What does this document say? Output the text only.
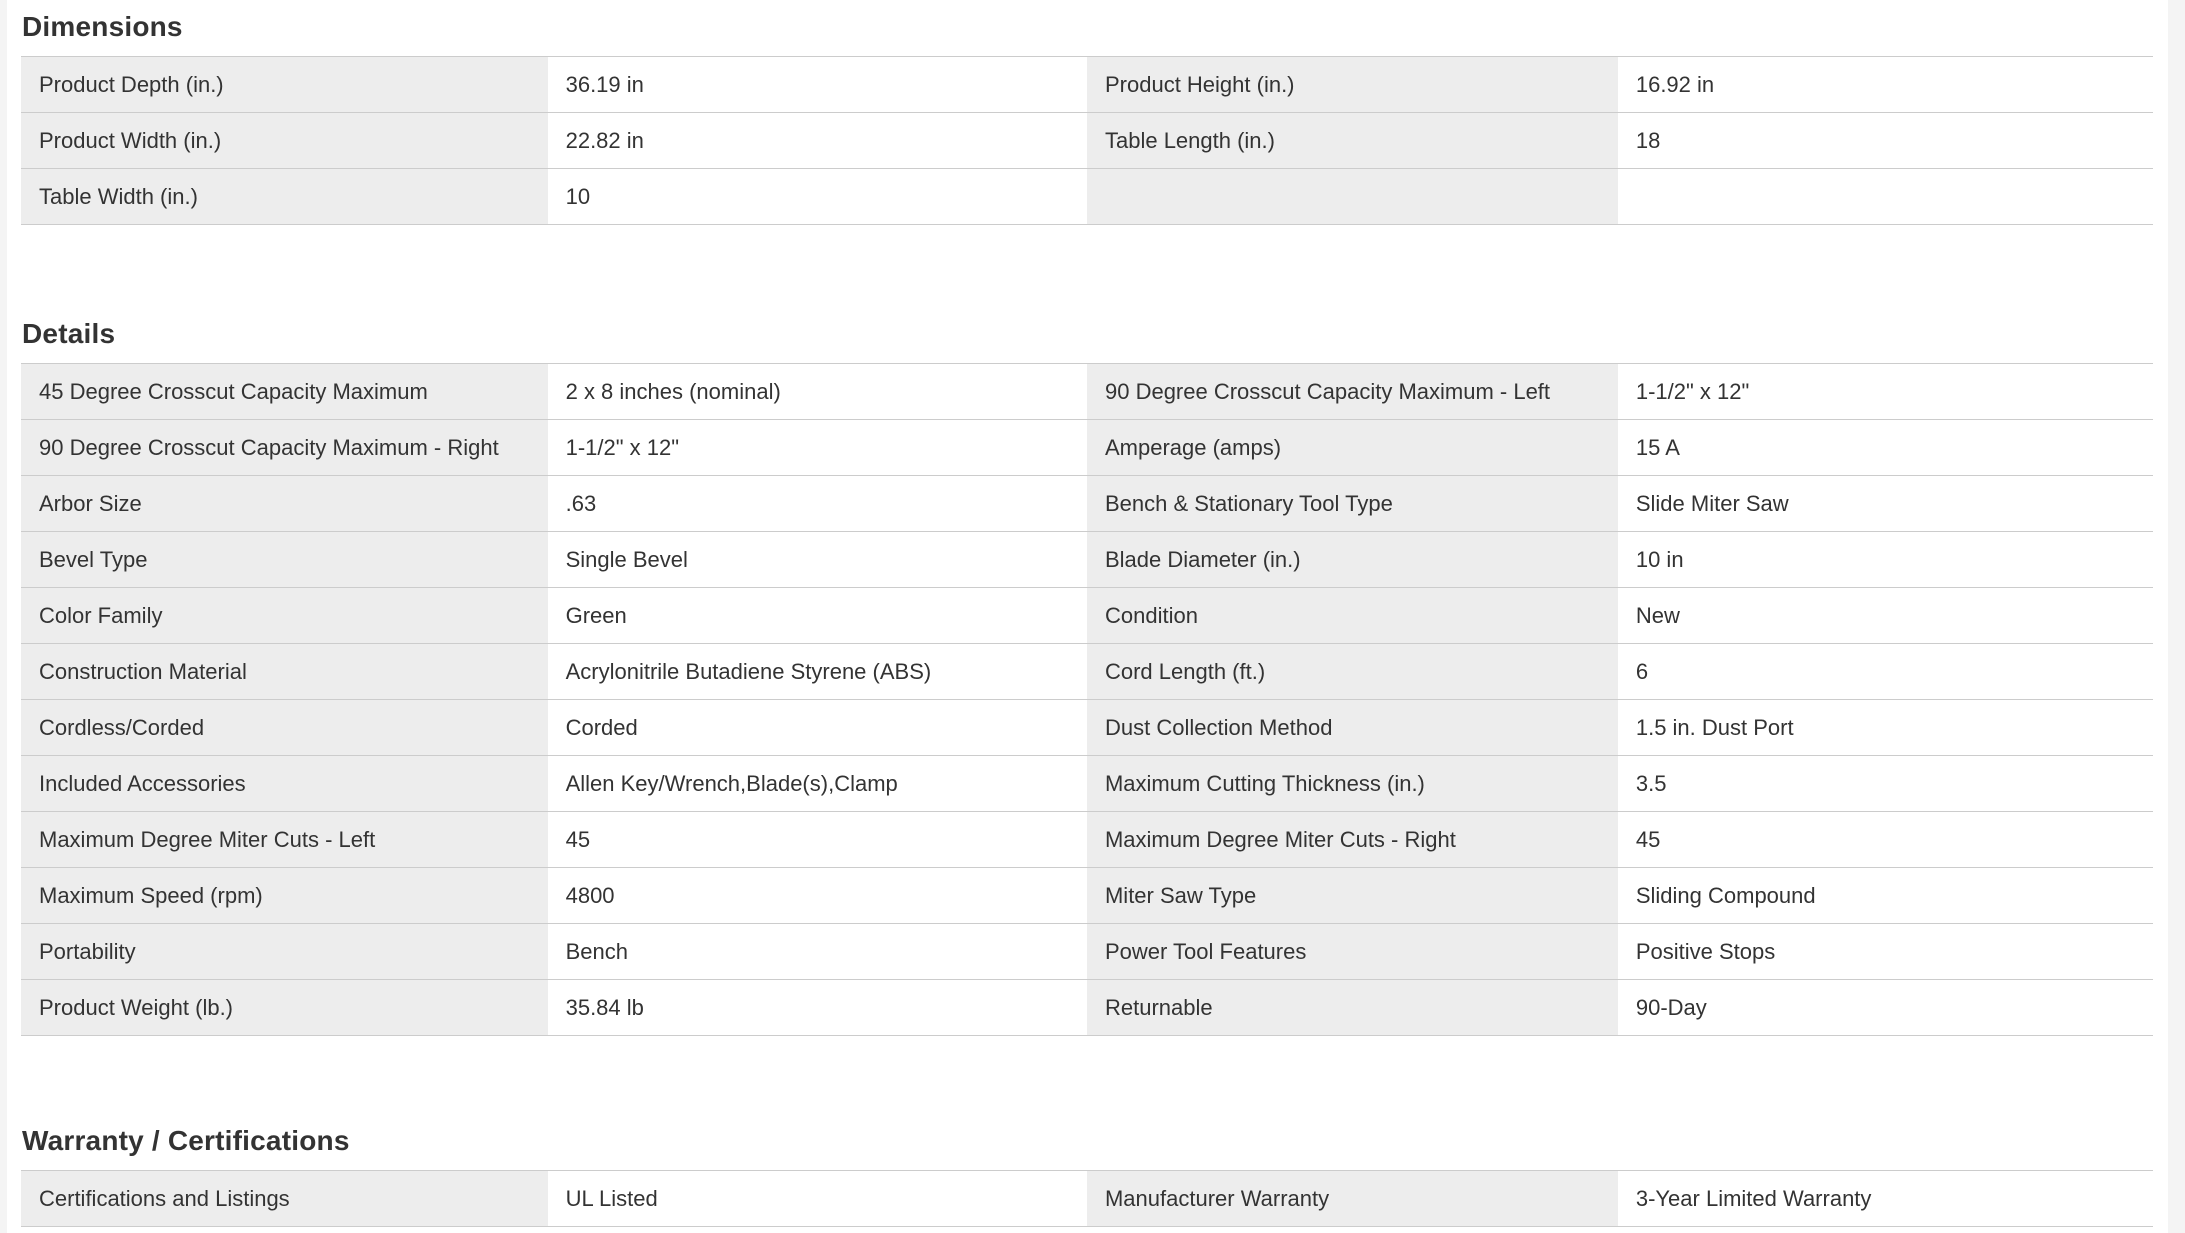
Dimensions
Product Depth (in.)	36.19 in	Product Height (in.)	16.92 in
Product Width (in.)	22.82 in	Table Length (in.)	18
Table Width (in.)	10
Details
45 Degree Crosscut Capacity Maximum	2 x 8 inches (nominal)	90 Degree Crosscut Capacity Maximum - Left	1-1/2" x 12"
90 Degree Crosscut Capacity Maximum - Right	1-1/2" x 12"	Amperage (amps)	15 A
Arbor Size	.63	Bench & Stationary Tool Type	Slide Miter Saw
Bevel Type	Single Bevel	Blade Diameter (in.)	10 in
Color Family	Green	Condition	New
Construction Material	Acrylonitrile Butadiene Styrene (ABS)	Cord Length (ft.)	6
Cordless/Corded	Corded	Dust Collection Method	1.5 in. Dust Port
Included Accessories	Allen Key/Wrench,Blade(s),Clamp	Maximum Cutting Thickness (in.)	3.5
Maximum Degree Miter Cuts - Left	45	Maximum Degree Miter Cuts - Right	45
Maximum Speed (rpm)	4800	Miter Saw Type	Sliding Compound
Portability	Bench	Power Tool Features	Positive Stops
Product Weight (lb.)	35.84 lb	Returnable	90-Day
Warranty / Certifications
Certifications and Listings	UL Listed	Manufacturer Warranty	3-Year Limited Warranty
